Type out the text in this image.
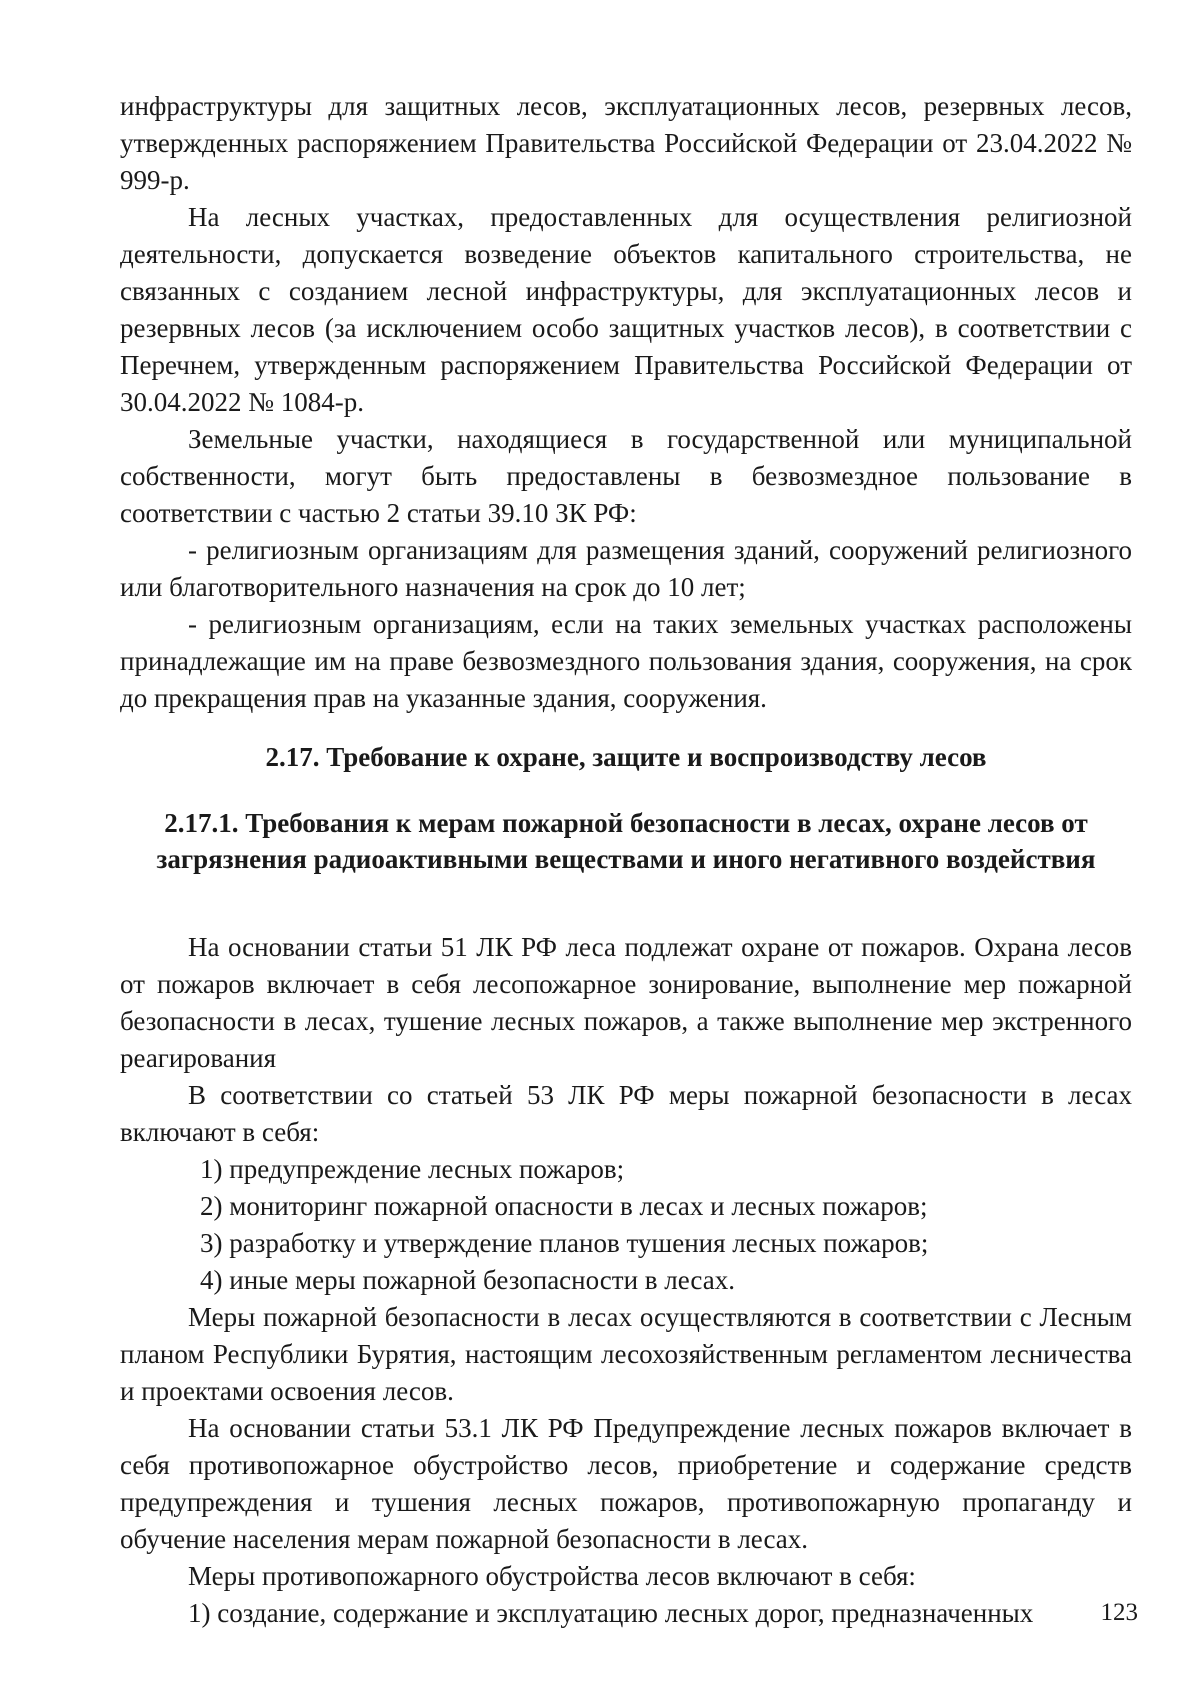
инфраструктуры для защитных лесов, эксплуатационных лесов, резервных лесов, утвержденных распоряжением Правительства Российской Федерации от 23.04.2022 № 999-р.

На лесных участках, предоставленных для осуществления религиозной деятельности, допускается возведение объектов капитального строительства, не связанных с созданием лесной инфраструктуры, для эксплуатационных лесов и резервных лесов (за исключением особо защитных участков лесов), в соответствии с Перечнем, утвержденным распоряжением Правительства Российской Федерации от 30.04.2022 № 1084-р.

Земельные участки, находящиеся в государственной или муниципальной собственности, могут быть предоставлены в безвозмездное пользование в соответствии с частью 2 статьи 39.10 ЗК РФ:

- религиозным организациям для размещения зданий, сооружений религиозного или благотворительного назначения на срок до 10 лет;

- религиозным организациям, если на таких земельных участках расположены принадлежащие им на праве безвозмездного пользования здания, сооружения, на срок до прекращения прав на указанные здания, сооружения.

2.17. Требование к охране, защите и воспроизводству лесов
2.17.1. Требования к мерам пожарной безопасности в лесах, охране лесов от загрязнения радиоактивными веществами и иного негативного воздействия

На основании статьи 51 ЛК РФ леса подлежат охране от пожаров. Охрана лесов от пожаров включает в себя лесопожарное зонирование, выполнение мер пожарной безопасности в лесах, тушение лесных пожаров, а также выполнение мер экстренного реагирования

В соответствии со статьей 53 ЛК РФ меры пожарной безопасности в лесах включают в себя:

1) предупреждение лесных пожаров;

2) мониторинг пожарной опасности в лесах и лесных пожаров;

3) разработку и утверждение планов тушения лесных пожаров;

4) иные меры пожарной безопасности в лесах.

Меры пожарной безопасности в лесах осуществляются в соответствии с Лесным планом Республики Бурятия, настоящим лесохозяйственным регламентом лесничества и проектами освоения лесов.

На основании статьи 53.1 ЛК РФ Предупреждение лесных пожаров включает в себя противопожарное обустройство лесов, приобретение и содержание средств предупреждения и тушения лесных пожаров, противопожарную пропаганду и обучение населения мерам пожарной безопасности в лесах.

Меры противопожарного обустройства лесов включают в себя:

1) создание, содержание и эксплуатацию лесных дорог, предназначенных	123
